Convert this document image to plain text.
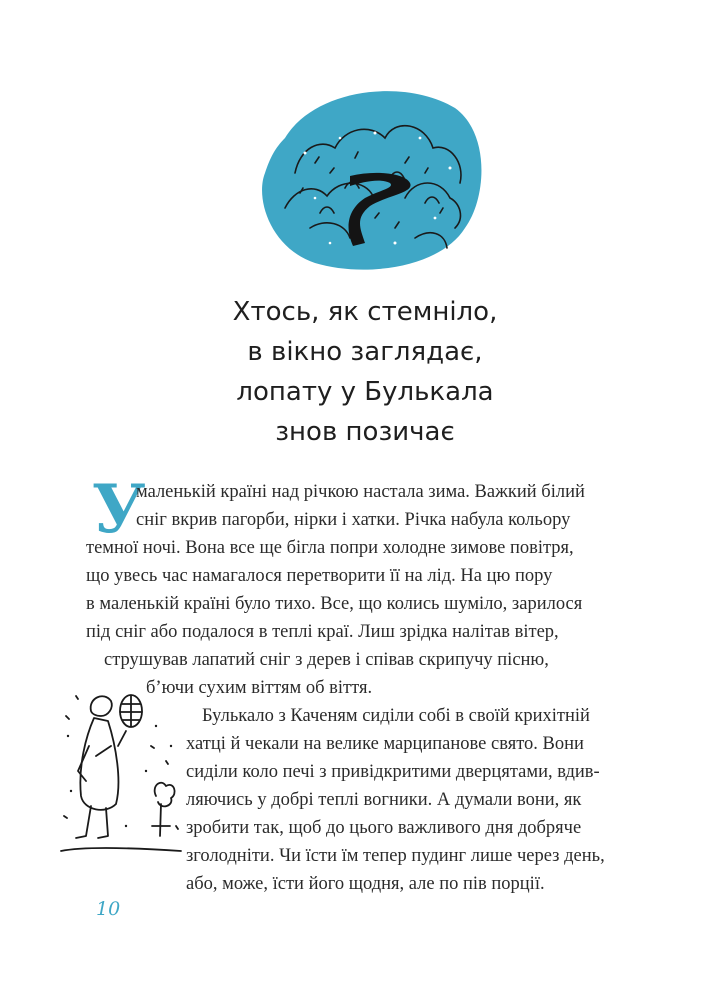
Хтось, як стемніло,
в вікно заглядає,
лопату у Булькала
знов позичає
У
маленькій країні над річкою настала зима. Важкий білий
сніг вкрив пагорби, нірки і хатки. Річка набула кольору
темної ночі. Вона все ще бігла попри холодне зимове повітря,
що увесь час намагалося перетворити її на лід. На цю пору
в маленькій країні було тихо. Все, що колись шуміло, зарилося
під сніг або подалося в теплі краї. Лиш зрідка налітав вітер,
струшував лапатий сніг з дерев і співав скрипучу пісню,
б’ючи сухим віттям об віття.
Булькало з Каченям сиділи собі в своїй крихітній
хатці й чекали на велике марципанове свято. Вони
сиділи коло печі з привідкритими дверцятами, вдив-
ляючись у добрі теплі вогники. А думали вони, як
зробити так, щоб до цього важливого дня добряче
зголодніти. Чи їсти їм тепер пудинг лише через день,
або, може, їсти його щодня, але по пів порції.
10
